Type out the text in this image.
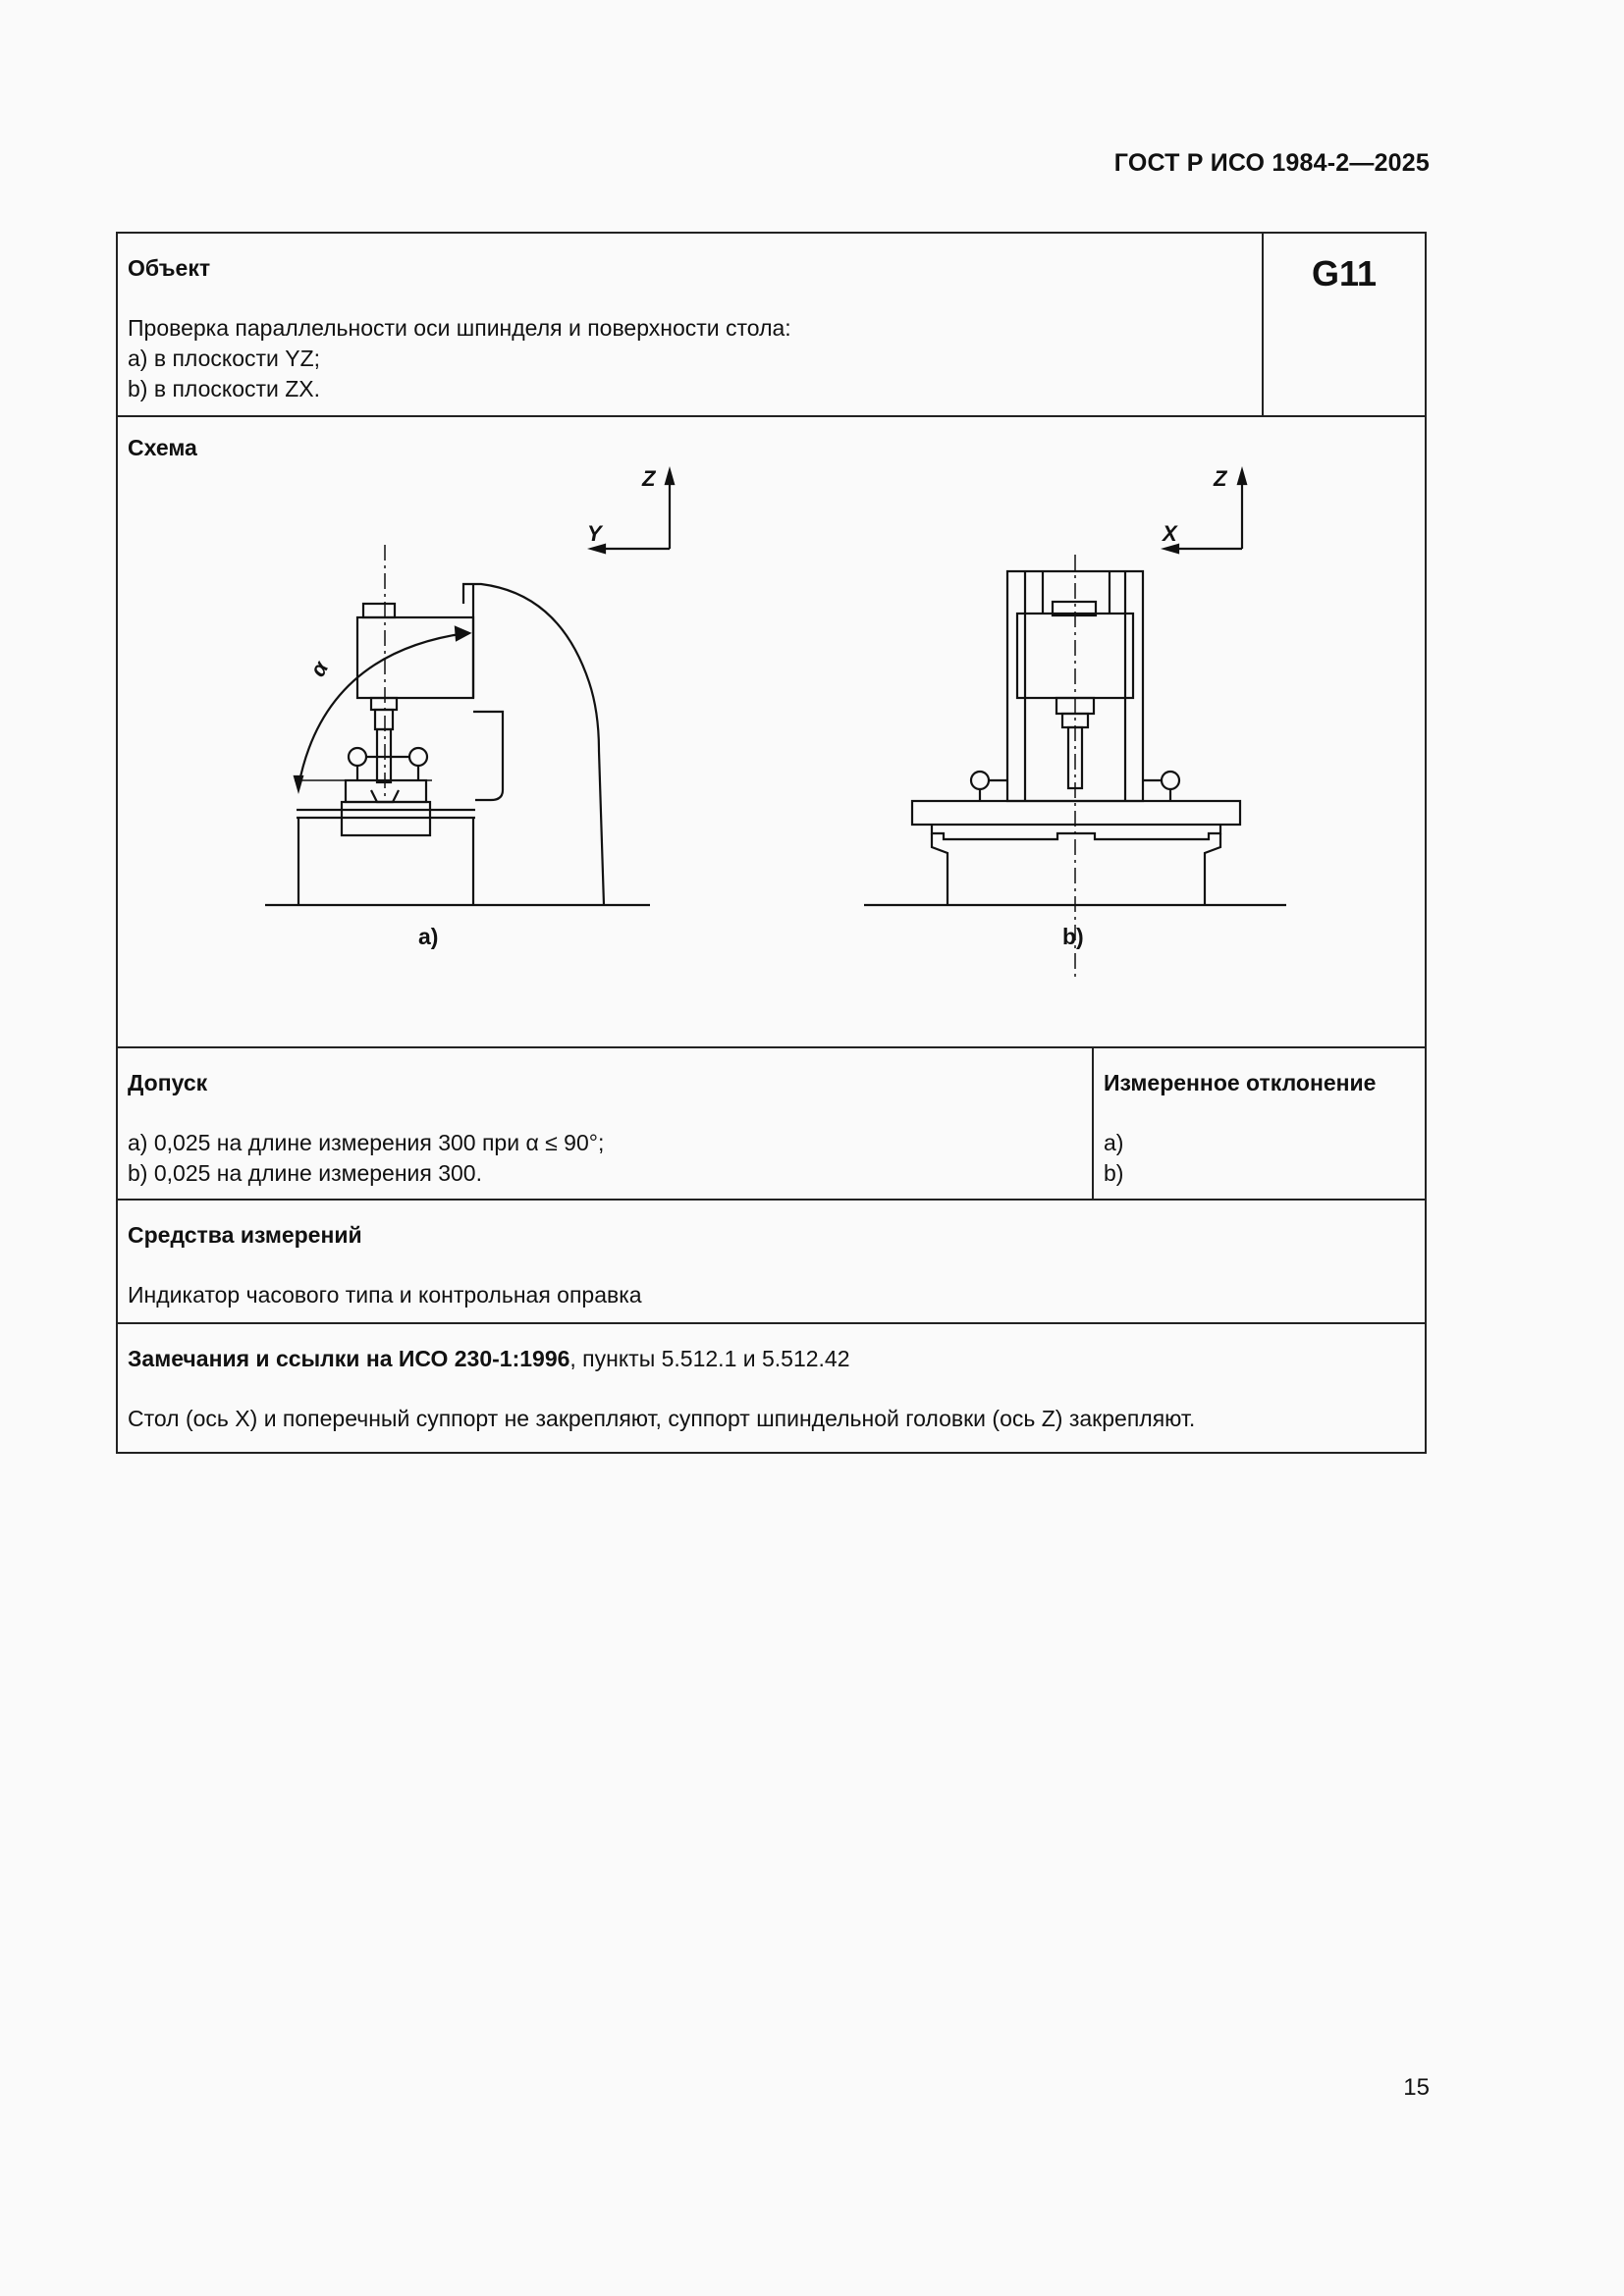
ГОСТ Р ИСО 1984-2—2025
Объект
Проверка параллельности оси шпинделя и поверхности стола:
a) в плоскости YZ;
b) в плоскости ZX.
G11
Схема
Z
Y
α
Z
X
a)	b)
Допуск
a) 0,025 на длине измерения 300 при α ≤ 90°;
b) 0,025 на длине измерения 300.
Измеренное отклонение
a)
b)
Средства измерений
Индикатор часового типа и контрольная оправка
Замечания и ссылки на ИСО 230-1:1996, пункты 5.512.1 и 5.512.42
Стол (ось X) и поперечный суппорт не закрепляют, суппорт шпиндельной головки (ось Z) закрепляют.
15
